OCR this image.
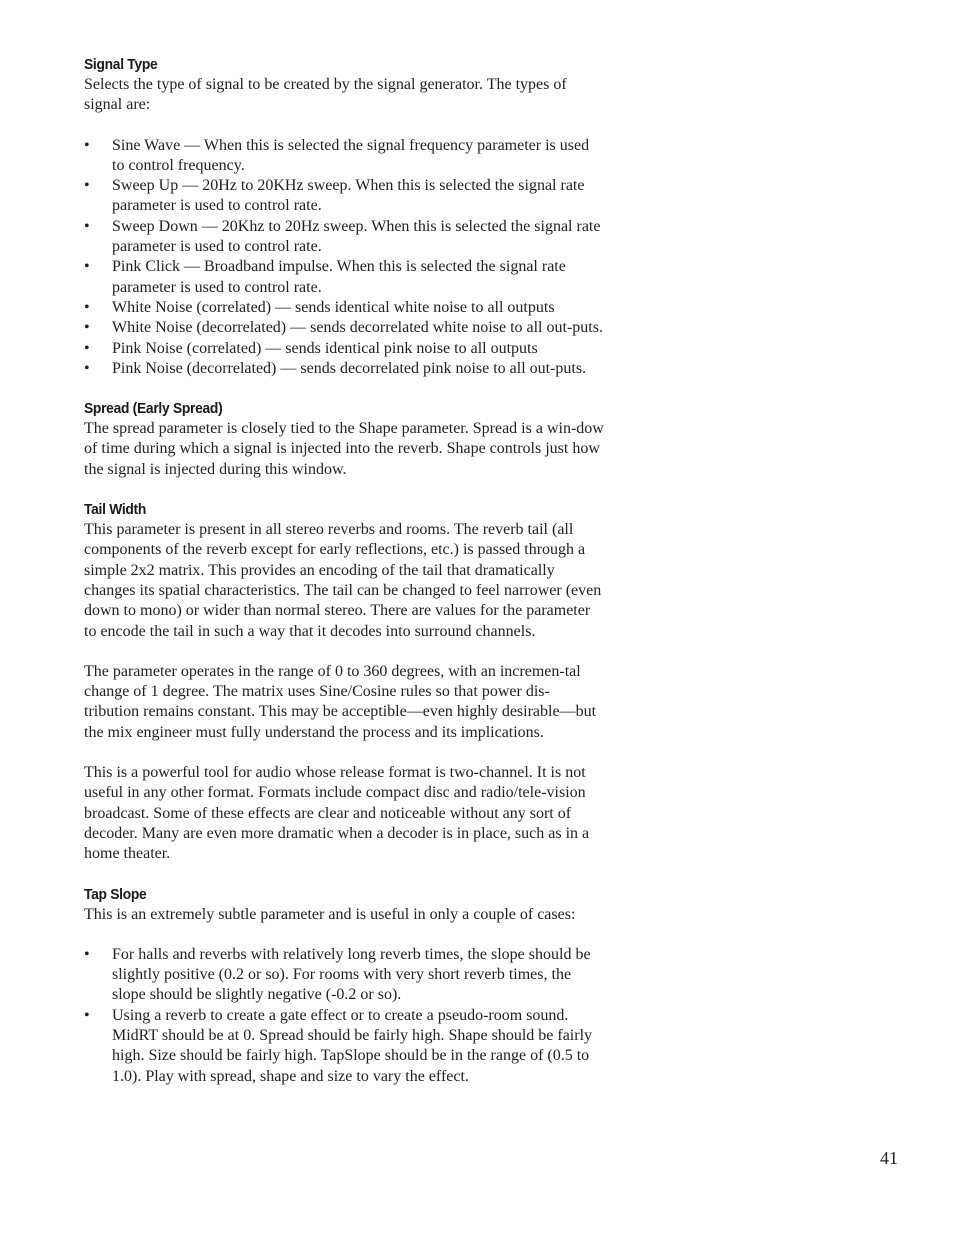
Signal Type

Selects the type of signal to be created by the signal generator. The types of signal are:

• Sine Wave — When this is selected the signal frequency parameter is used to control frequency.
• Sweep Up — 20Hz to 20KHz sweep. When this is selected the signal rate parameter is used to control rate.
• Sweep Down — 20Khz to 20Hz sweep. When this is selected the signal rate parameter is used to control rate.
• Pink Click — Broadband impulse. When this is selected the signal rate parameter is used to control rate.
• White Noise (correlated) — sends identical white noise to all outputs
• White Noise (decorrelated) — sends decorrelated white noise to all out-puts.
• Pink Noise (correlated) — sends identical pink noise to all outputs
• Pink Noise (decorrelated) — sends decorrelated pink noise to all out-puts.
Spread (Early Spread)

The spread parameter is closely tied to the Shape parameter. Spread is a win-dow of time during which a signal is injected into the reverb. Shape controls just how the signal is injected during this window.

Tail Width

This parameter is present in all stereo reverbs and rooms. The reverb tail (all components of the reverb except for early reflections, etc.) is passed through a simple 2x2 matrix. This provides an encoding of the tail that dramatically changes its spatial characteristics. The tail can be changed to feel narrower (even down to mono) or wider than normal stereo. There are values for the parameter to encode the tail in such a way that it decodes into surround channels.

The parameter operates in the range of 0 to 360 degrees, with an incremen-tal change of 1 degree. The matrix uses Sine/Cosine rules so that power dis-tribution remains constant. This may be acceptible—even highly desirable—but the mix engineer must fully understand the process and its implications.

This is a powerful tool for audio whose release format is two-channel. It is not useful in any other format. Formats include compact disc and radio/tele-vision broadcast. Some of these effects are clear and noticeable without any sort of decoder. Many are even more dramatic when a decoder is in place, such as in a home theater.

Tap Slope

This is an extremely subtle parameter and is useful in only a couple of cases:

• For halls and reverbs with relatively long reverb times, the slope should be slightly positive (0.2 or so). For rooms with very short reverb times, the slope should be slightly negative (-0.2 or so).
• Using a reverb to create a gate effect or to create a pseudo-room sound. MidRT should be at 0. Spread should be fairly high. Shape should be fairly high. Size should be fairly high. TapSlope should be in the range of (0.5 to 1.0). Play with spread, shape and size to vary the effect.
41
